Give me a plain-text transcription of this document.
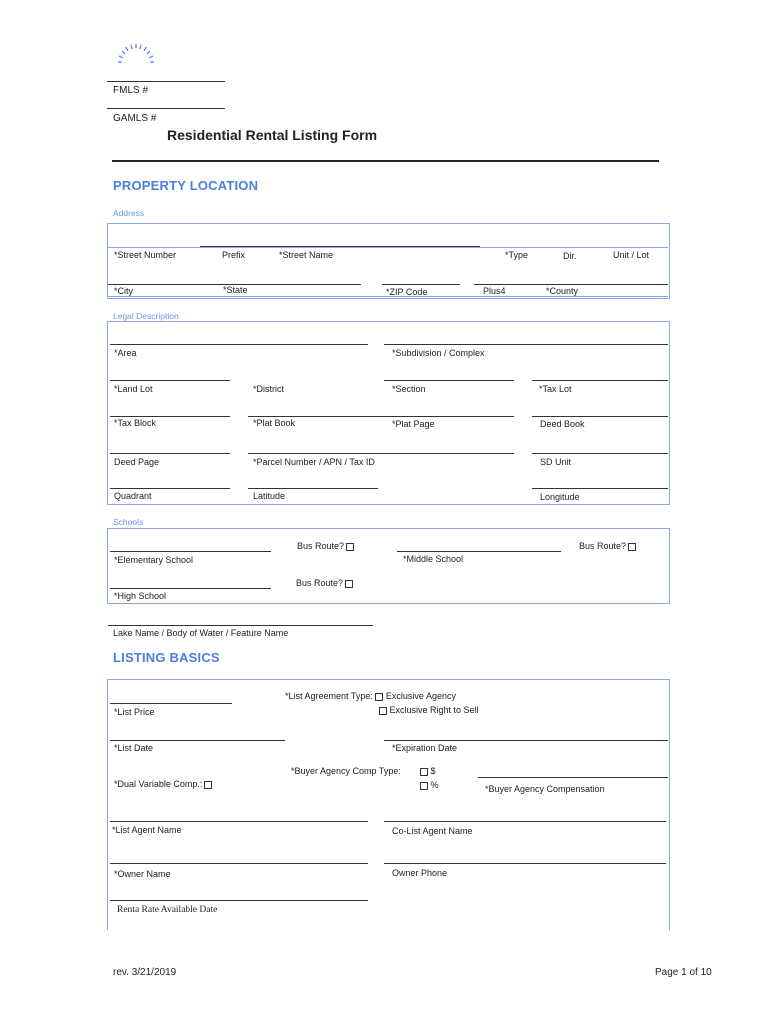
FMLS #
GAMLS #
Residential Rental Listing Form
PROPERTY LOCATION
Address
*Street Number	Prefix	*Street Name	*Type	Dir.	Unit / Lot
*City	*State	*ZIP Code	Plus4	*County
Legal Description
*Area	*Subdivision / Complex
*Land Lot	*District	*Section	*Tax Lot
*Tax Block	*Plat Book	*Plat Page	Deed Book
Deed Page	*Parcel Number / APN / Tax ID	SD Unit
Quadrant	Latitude	Longitude
Schools
Bus Route?	Bus Route?
*Elementary School	*Middle School
Bus Route?
*High School
Lake Name / Body of Water / Feature Name
LISTING BASICS
*List Agreement Type: Exclusive Agency
Exclusive Right to Sell
*List Price
*List Date	*Expiration Date
*Buyer Agency Comp Type:	$
%
*Dual Variable Comp.:	*Buyer Agency Compensation
*List Agent Name	Co-List Agent Name
*Owner Name	Owner Phone
Renta Rate Available Date
rev. 3/21/2019	Page 1 of 10
